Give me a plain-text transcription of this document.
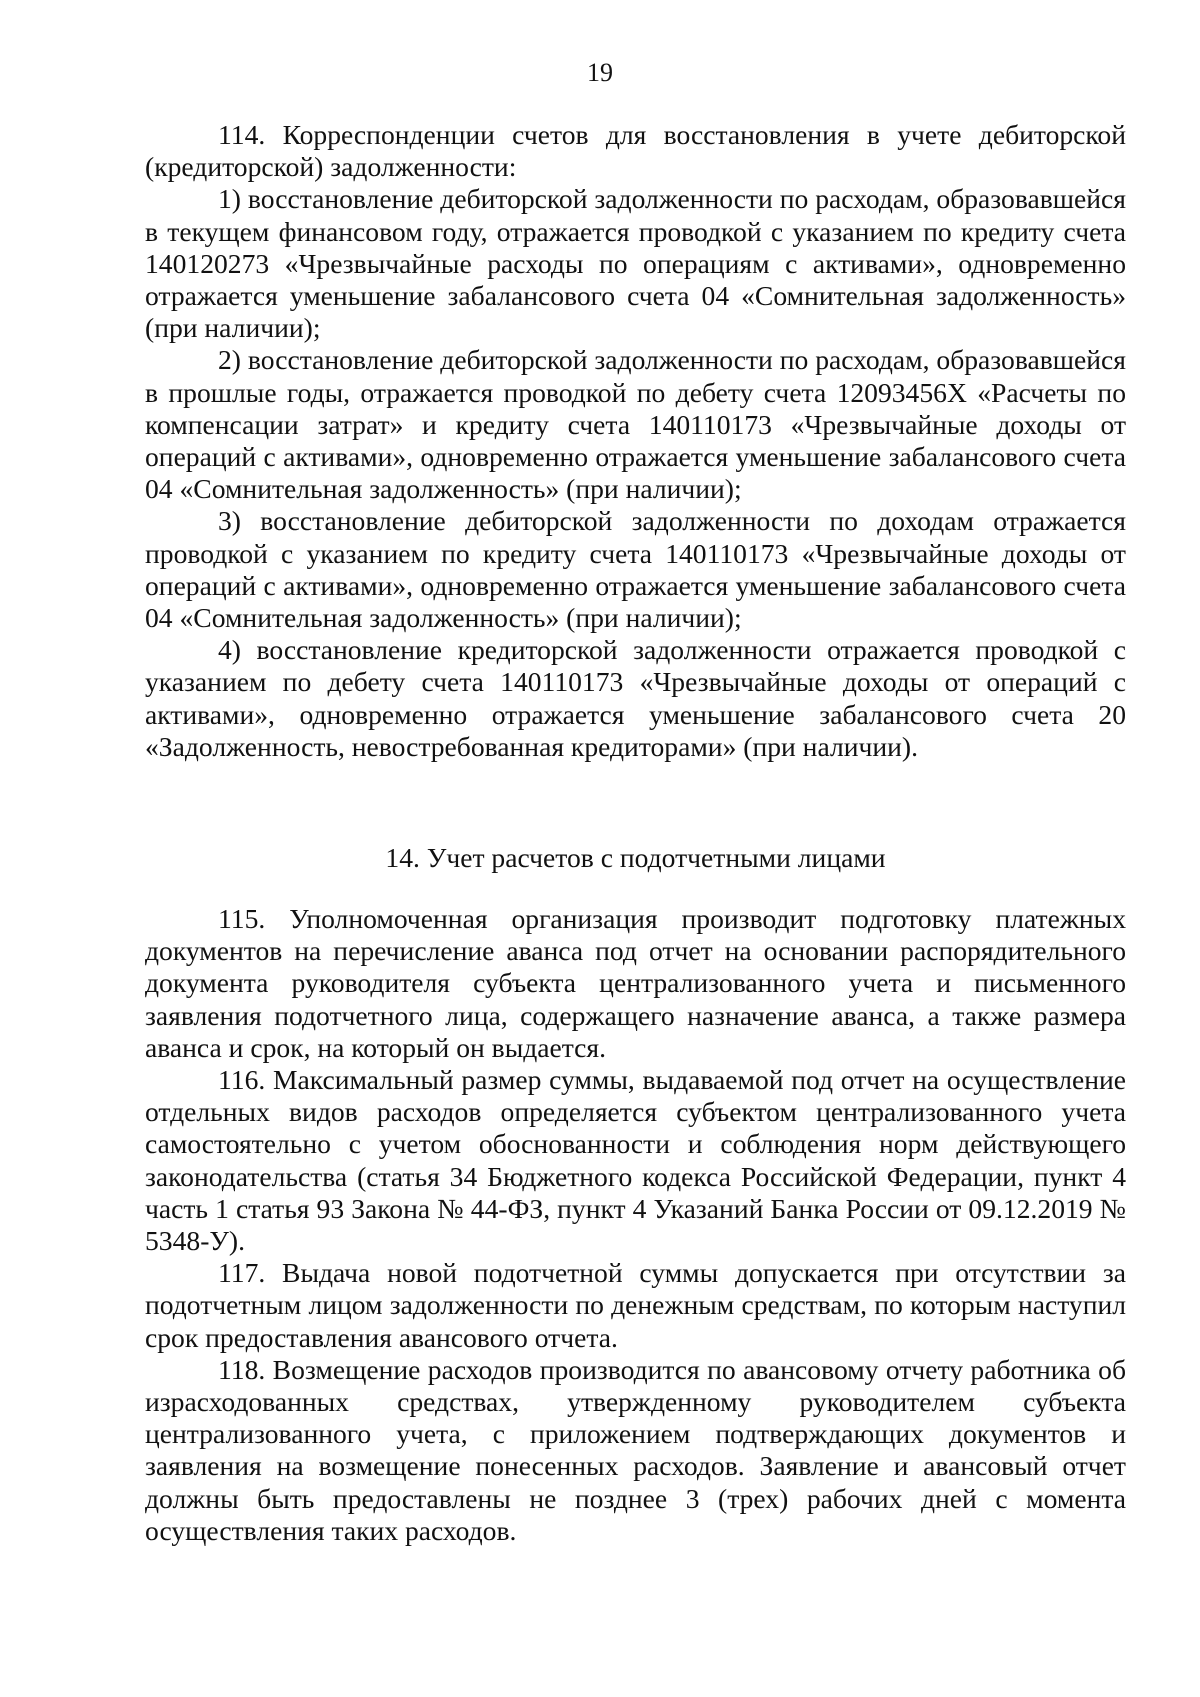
19

114. Корреспонденции счетов для восстановления в учете дебиторской (кредиторской) задолженности:

1) восстановление дебиторской задолженности по расходам, образовавшейся в текущем финансовом году, отражается проводкой с указанием по кредиту счета 140120273 «Чрезвычайные расходы по операциям с активами», одновременно отражается уменьшение забалансового счета 04 «Сомнительная задолженность» (при наличии);

2) восстановление дебиторской задолженности по расходам, образовавшейся в прошлые годы, отражается проводкой по дебету счета 12093456Х «Расчеты по компенсации затрат» и кредиту счета 140110173 «Чрезвычайные доходы от операций с активами», одновременно отражается уменьшение забалансового счета 04 «Сомнительная задолженность» (при наличии);

3) восстановление дебиторской задолженности по доходам отражается проводкой с указанием по кредиту счета 140110173 «Чрезвычайные доходы от операций с активами», одновременно отражается уменьшение забалансового счета 04 «Сомнительная задолженность» (при наличии);

4) восстановление кредиторской задолженности отражается проводкой с указанием по дебету счета 140110173 «Чрезвычайные доходы от операций с активами», одновременно отражается уменьшение забалансового счета 20 «Задолженность, невостребованная кредиторами» (при наличии).

14. Учет расчетов с подотчетными лицами

115. Уполномоченная организация производит подготовку платежных документов на перечисление аванса под отчет на основании распорядительного документа руководителя субъекта централизованного учета и письменного заявления подотчетного лица, содержащего назначение аванса, а также размера аванса и срок, на который он выдается.

116. Максимальный размер суммы, выдаваемой под отчет на осуществление отдельных видов расходов определяется субъектом централизованного учета самостоятельно с учетом обоснованности и соблюдения норм действующего законодательства (статья 34 Бюджетного кодекса Российской Федерации, пункт 4 часть 1 статья 93 Закона № 44-ФЗ, пункт 4 Указаний Банка России от 09.12.2019 № 5348-У).

117. Выдача новой подотчетной суммы допускается при отсутствии за подотчетным лицом задолженности по денежным средствам, по которым наступил срок предоставления авансового отчета.

118. Возмещение расходов производится по авансовому отчету работника об израсходованных средствах, утвержденному руководителем субъекта централизованного учета, с приложением подтверждающих документов и заявления на возмещение понесенных расходов. Заявление и авансовый отчет должны быть предоставлены не позднее 3 (трех) рабочих дней с момента осуществления таких расходов.
